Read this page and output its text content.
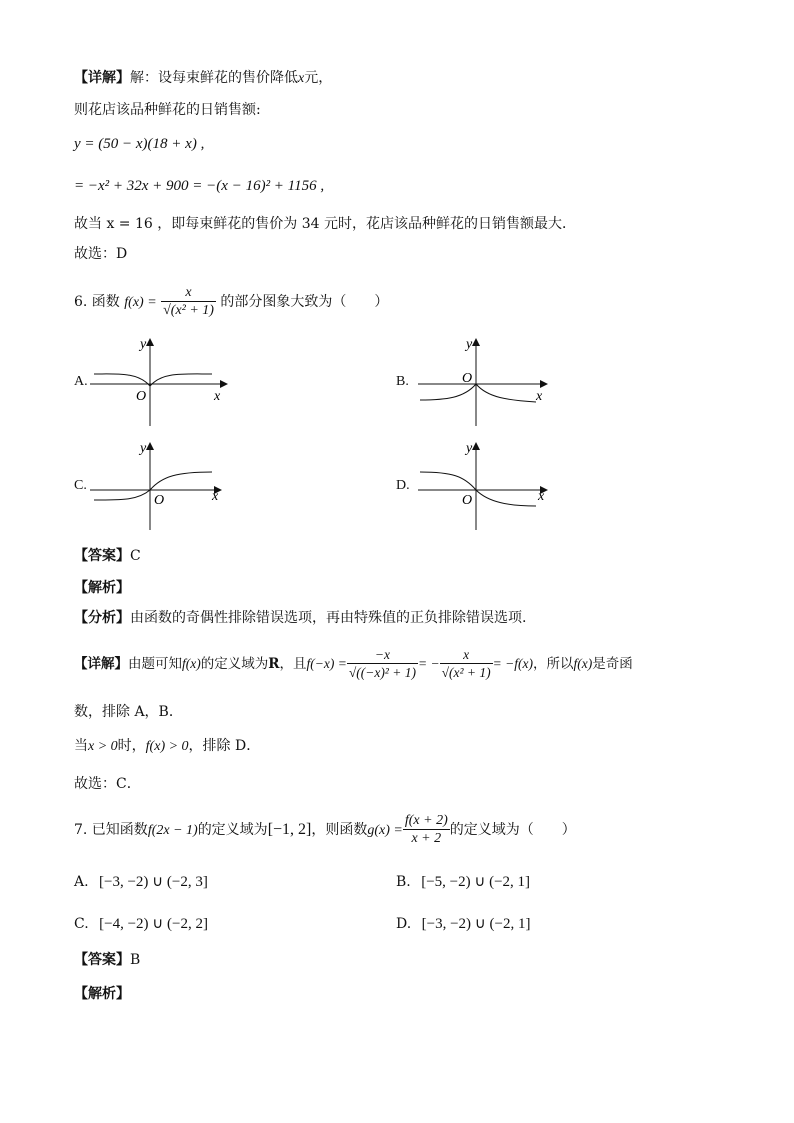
【详解】解：设每束鲜花的售价降低x元，
则花店该品种鲜花的日销售额:
y = (50 − x)(18 + x) ,
= −x² + 32x + 900 = −(x − 16)² + 1156 ,
故当 x = 16 ，即每束鲜花的售价为 34 元时，花店该品种鲜花的日销售额最大．
故选：D
6. 函数 $f(x) = \frac{x}{\text{√(x² + 1)}}$ 的部分图象大致为（　　）
A.
x
y
O
B.
x
y
O
C.
x
y
O
D.
x
y
O
【答案】C
【解析】
【分析】由函数的奇偶性排除错误选项，再由特殊值的正负排除错误选项.
【详解】由题可知f(x)的定义域为R，且$f(-x) = \frac{-x}{\text{√((−x)² + 1)}}$ = − $\frac{x}{\text{√(x² + 1)}} = -f(x)$，所以f(x)是奇函
数，排除 A，B．
当x > 0时，f(x) > 0，排除 D．
故选：C．
7. 已知函数f(2x − 1)的定义域为[−1, 2]，则函数$g(x) = \frac{f(x + 2)}{x + 2}$ 的定义域为（　　）
A. [−3, −2) ∪ (−2, 3]	B. [−5, −2) ∪ (−2, 1]
C. [−4, −2) ∪ (−2, 2]	D. [−3, −2) ∪ (−2, 1]
【答案】B
【解析】
